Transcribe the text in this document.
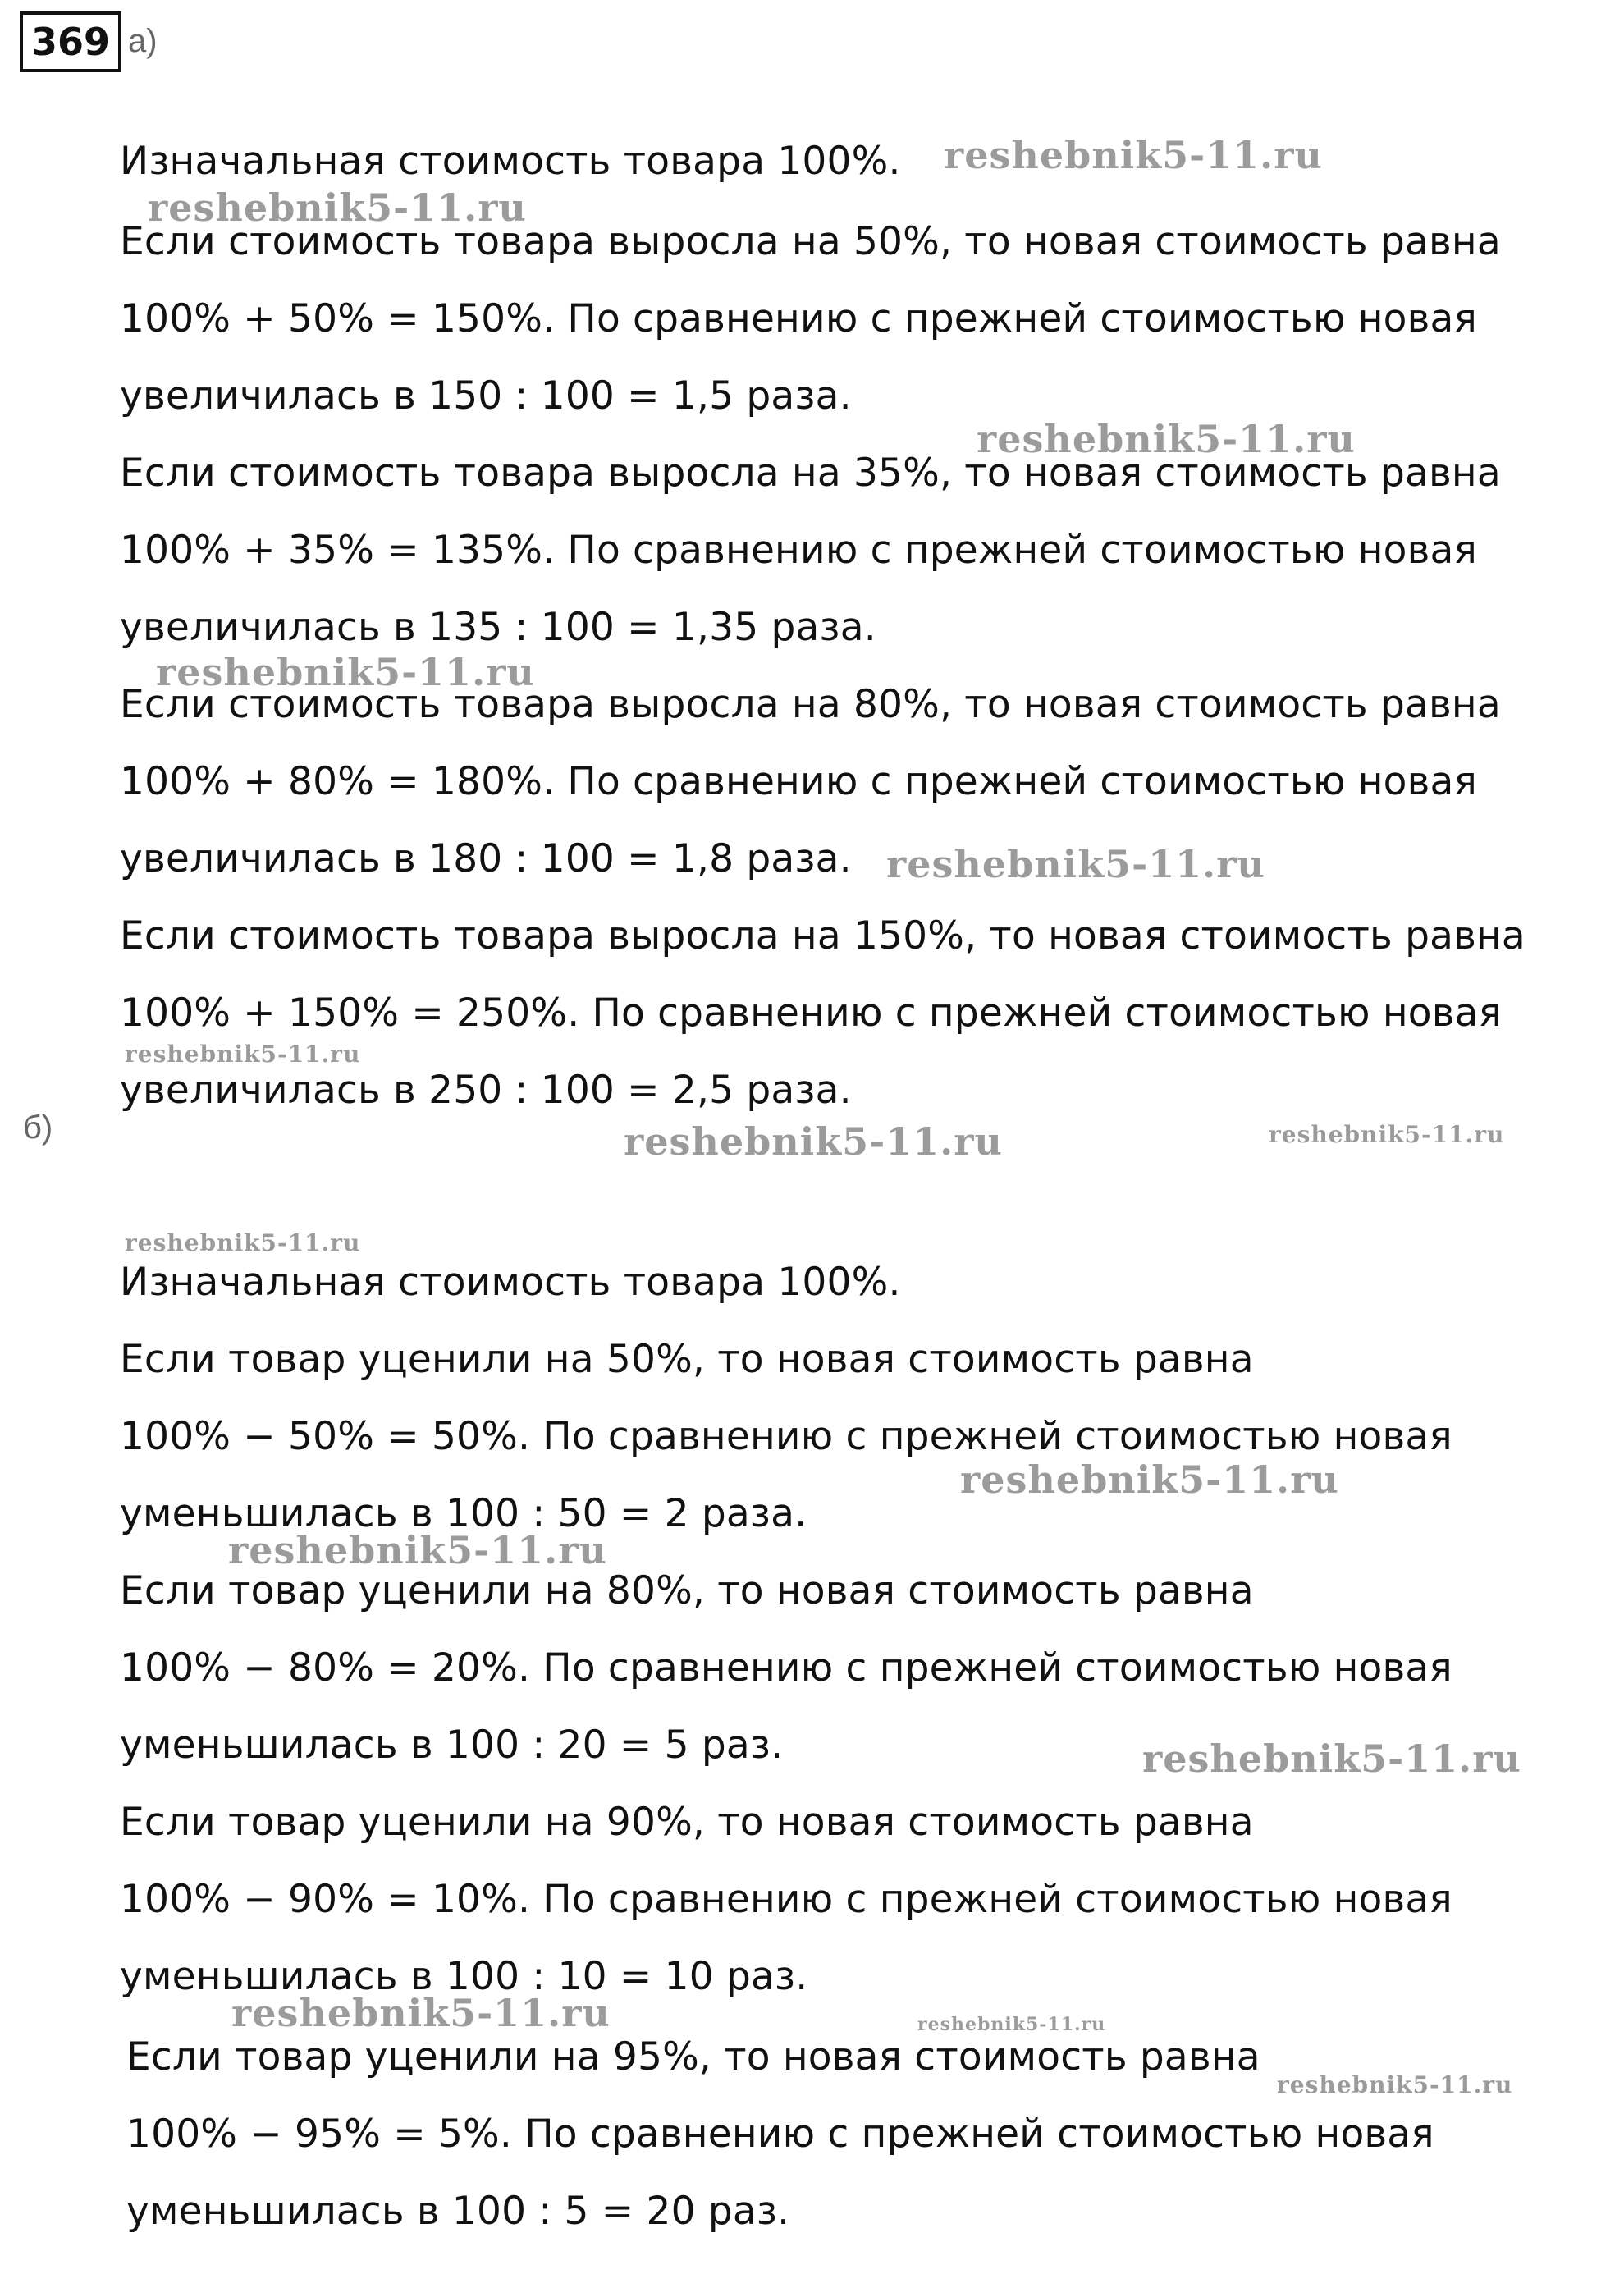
369 а)
Изначальная стоимость товара 100%.
Если стоимость товара выросла на 50%, то новая стоимость равна
100% + 50% = 150%. По сравнению с прежней стоимостью новая
увеличилась в 150 : 100 = 1,5 раза.
Если стоимость товара выросла на 35%, то новая стоимость равна
100% + 35% = 135%. По сравнению с прежней стоимостью новая
увеличилась в 135 : 100 = 1,35 раза.
Если стоимость товара выросла на 80%, то новая стоимость равна
100% + 80% = 180%. По сравнению с прежней стоимостью новая
увеличилась в 180 : 100 = 1,8 раза.
Если стоимость товара выросла на 150%, то новая стоимость равна
100% + 150% = 250%. По сравнению с прежней стоимостью новая
увеличилась в 250 : 100 = 2,5 раза.
б)
Изначальная стоимость товара 100%.
Если товар уценили на 50%, то новая стоимость равна
100% − 50% = 50%. По сравнению с прежней стоимостью новая
уменьшилась в 100 : 50 = 2 раза.
Если товар уценили на 80%, то новая стоимость равна
100% − 80% = 20%. По сравнению с прежней стоимостью новая
уменьшилась в 100 : 20 = 5 раз.
Если товар уценили на 90%, то новая стоимость равна
100% − 90% = 10%. По сравнению с прежней стоимостью новая
уменьшилась в 100 : 10 = 10 раз.
Если товар уценили на 95%, то новая стоимость равна
100% − 95% = 5%. По сравнению с прежней стоимостью новая
уменьшилась в 100 : 5 = 20 раз.
reshebnik5-11.ru
reshebnik5-11.ru
reshebnik5-11.ru
reshebnik5-11.ru
reshebnik5-11.ru
reshebnik5-11.ru
reshebnik5-11.ru	reshebnik5-11.ru
reshebnik5-11.ru
reshebnik5-11.ru
reshebnik5-11.ru
reshebnik5-11.ru
reshebnik5-11.ru	reshebnik5-11.ru
reshebnik5-11.ru
